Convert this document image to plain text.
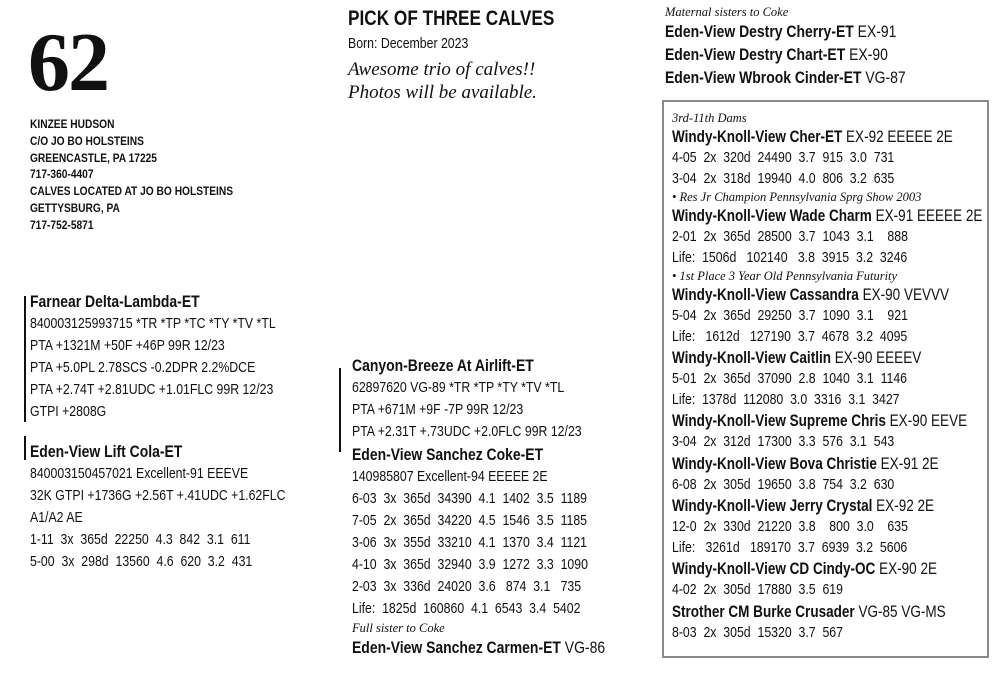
62
KINZEE HUDSON
C/O JO BO HOLSTEINS
GREENCASTLE, PA 17225
717-360-4407
CALVES LOCATED AT JO BO HOLSTEINS
GETTYSBURG, PA
717-752-5871
PICK OF THREE CALVES
Born: December 2023
Awesome trio of calves!!
Photos will be available.
Farnear Delta-Lambda-ET
840003125993715 *TR *TP *TC *TY *TV *TL
PTA +1321M +50F +46P 99R 12/23
PTA +5.0PL 2.78SCS -0.2DPR 2.2%DCE
PTA +2.74T +2.81UDC +1.01FLC 99R 12/23
GTPI +2808G
Eden-View Lift Cola-ET
840003150457021 Excellent-91 EEEVE
32K GTPI +1736G +2.56T +.41UDC +1.62FLC
A1/A2 AE
1-11  3x  365d  22250  4.3  842  3.1  611
5-00  3x  298d  13560  4.6  620  3.2  431
Canyon-Breeze At Airlift-ET
62897620 VG-89 *TR *TP *TY *TV *TL
PTA +671M +9F -7P 99R 12/23
PTA +2.31T +.73UDC +2.0FLC 99R 12/23
Eden-View Sanchez Coke-ET
140985807 Excellent-94 EEEEE 2E
6-03  3x  365d  34390  4.1  1402  3.5  1189
7-05  2x  365d  34220  4.5  1546  3.5  1185
3-06  3x  355d  33210  4.1  1370  3.4  1121
4-10  3x  365d  32940  3.9  1272  3.3  1090
2-03  3x  336d  24020  3.6   874  3.1   735
Life:  1825d  160860  4.1  6543  3.4  5402
Full sister to Coke
Eden-View Sanchez Carmen-ET VG-86
Maternal sisters to Coke
Eden-View Destry Cherry-ET EX-91
Eden-View Destry Chart-ET EX-90
Eden-View Wbrook Cinder-ET VG-87
3rd-11th Dams
Windy-Knoll-View Cher-ET EX-92 EEEEE 2E
4-05  2x  320d  24490  3.7  915  3.0  731
3-04  2x  318d  19940  4.0  806  3.2  635
• Res Jr Champion Pennsylvania Sprg Show 2003
Windy-Knoll-View Wade Charm EX-91 EEEEE 2E
2-01  2x  365d  28500  3.7  1043  3.1    888
Life:  1506d   102140   3.8  3915  3.2  3246
• 1st Place 3 Year Old Pennsylvania Futurity
Windy-Knoll-View Cassandra EX-90 VEVVV
5-04  2x  365d  29250  3.7  1090  3.1    921
Life:   1612d   127190  3.7  4678  3.2  4095
Windy-Knoll-View Caitlin EX-90 EEEEV
5-01  2x  365d  37090  2.8  1040  3.1  1146
Life:  1378d  112080  3.0  3316  3.1  3427
Windy-Knoll-View Supreme Chris EX-90 EEVE
3-04  2x  312d  17300  3.3  576  3.1  543
Windy-Knoll-View Bova Christie EX-91 2E
6-08  2x  305d  19650  3.8  754  3.2  630
Windy-Knoll-View Jerry Crystal EX-92 2E
12-0  2x  330d  21220  3.8    800  3.0    635
Life:   3261d   189170  3.7  6939  3.2  5606
Windy-Knoll-View CD Cindy-OC EX-90 2E
4-02  2x  305d  17880  3.5  619
Strother CM Burke Crusader VG-85 VG-MS
8-03  2x  305d  15320  3.7  567
